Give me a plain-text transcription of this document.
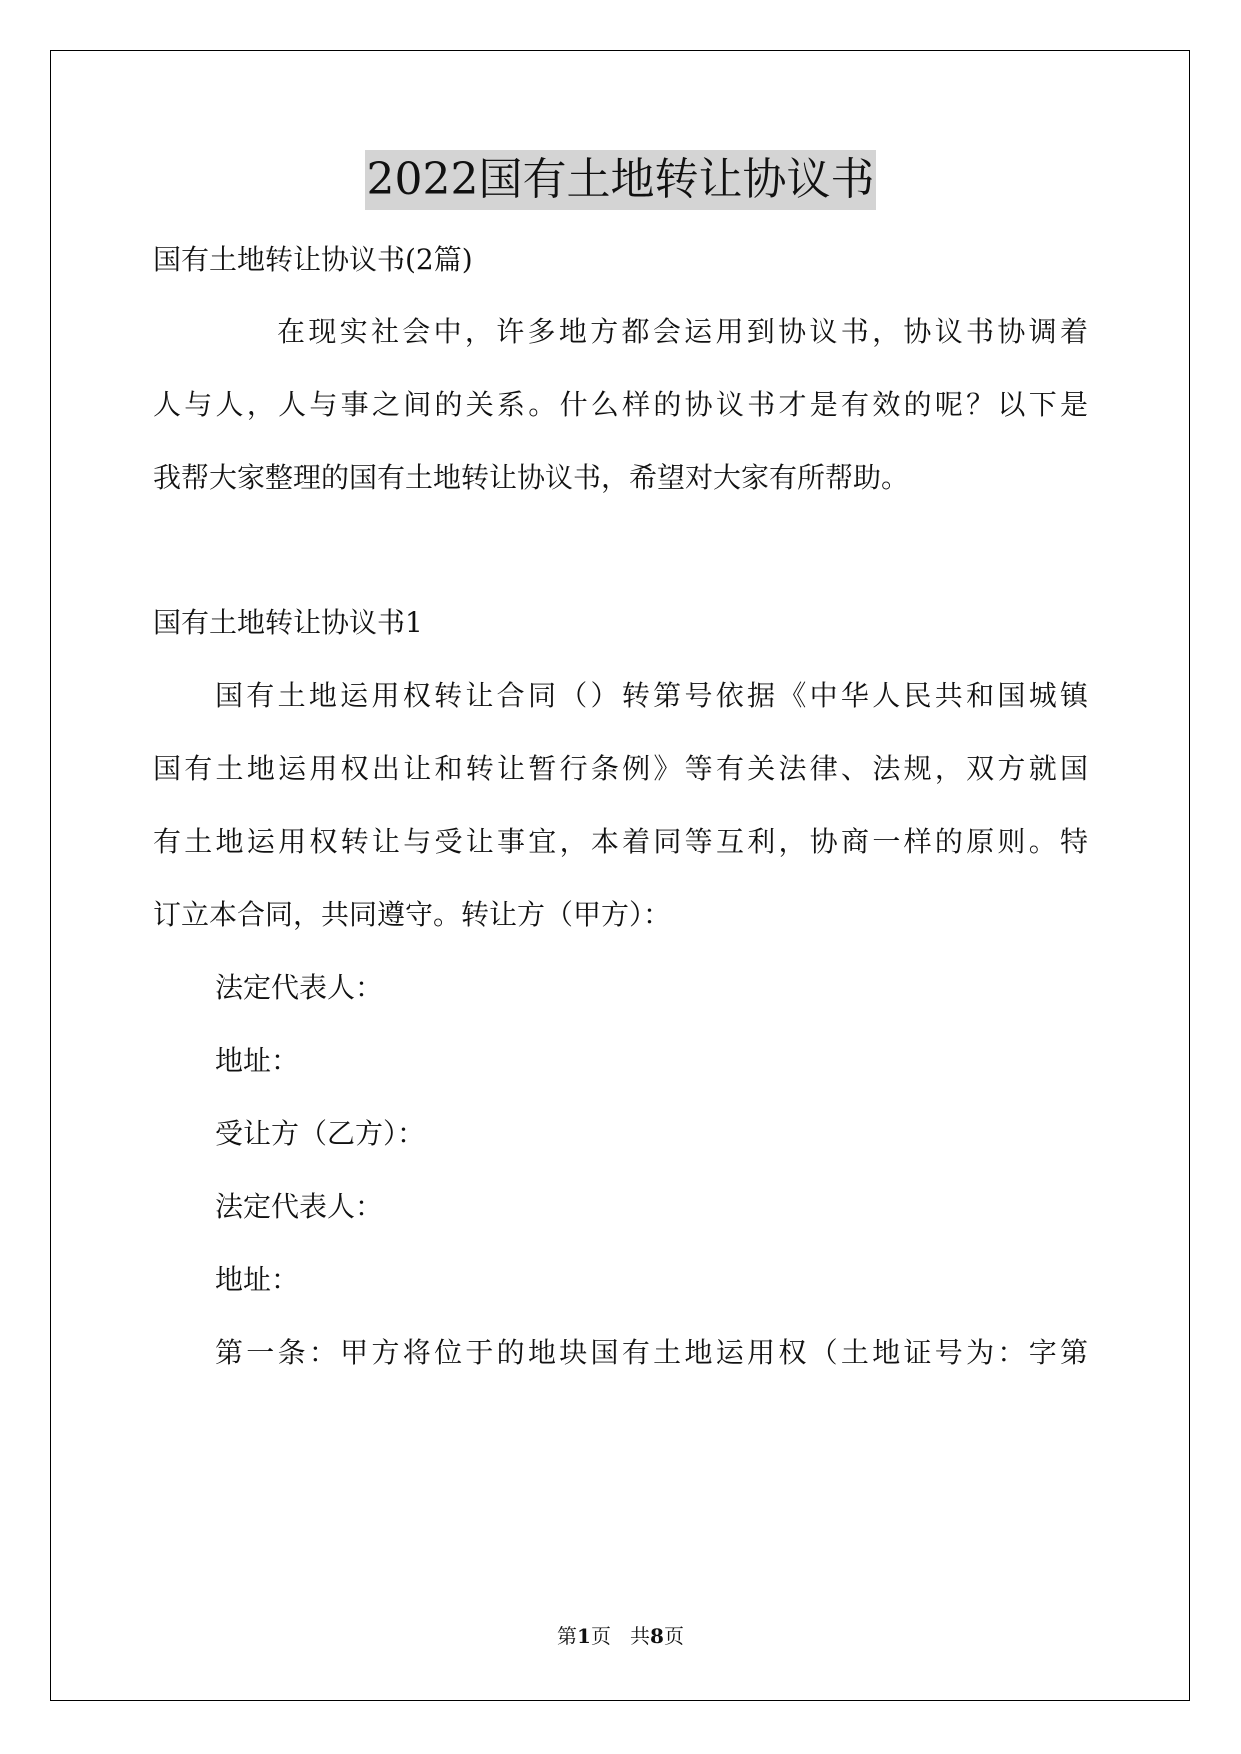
2022国有土地转让协议书
国有土地转让协议书(2篇)
在现实社会中，许多地方都会运用到协议书，协议书协调着
人与人，人与事之间的关系。什么样的协议书才是有效的呢？以下是
我帮大家整理的国有土地转让协议书，希望对大家有所帮助。
国有土地转让协议书1
国有土地运用权转让合同（）转第号依据《中华人民共和国城镇
国有土地运用权出让和转让暂行条例》等有关法律、法规，双方就国
有土地运用权转让与受让事宜，本着同等互利，协商一样的原则。特
订立本合同，共同遵守。转让方（甲方）：
法定代表人：
地址：
受让方（乙方）：
法定代表人：
地址：
第一条：甲方将位于的地块国有土地运用权（土地证号为：字第
第1页 共8页
